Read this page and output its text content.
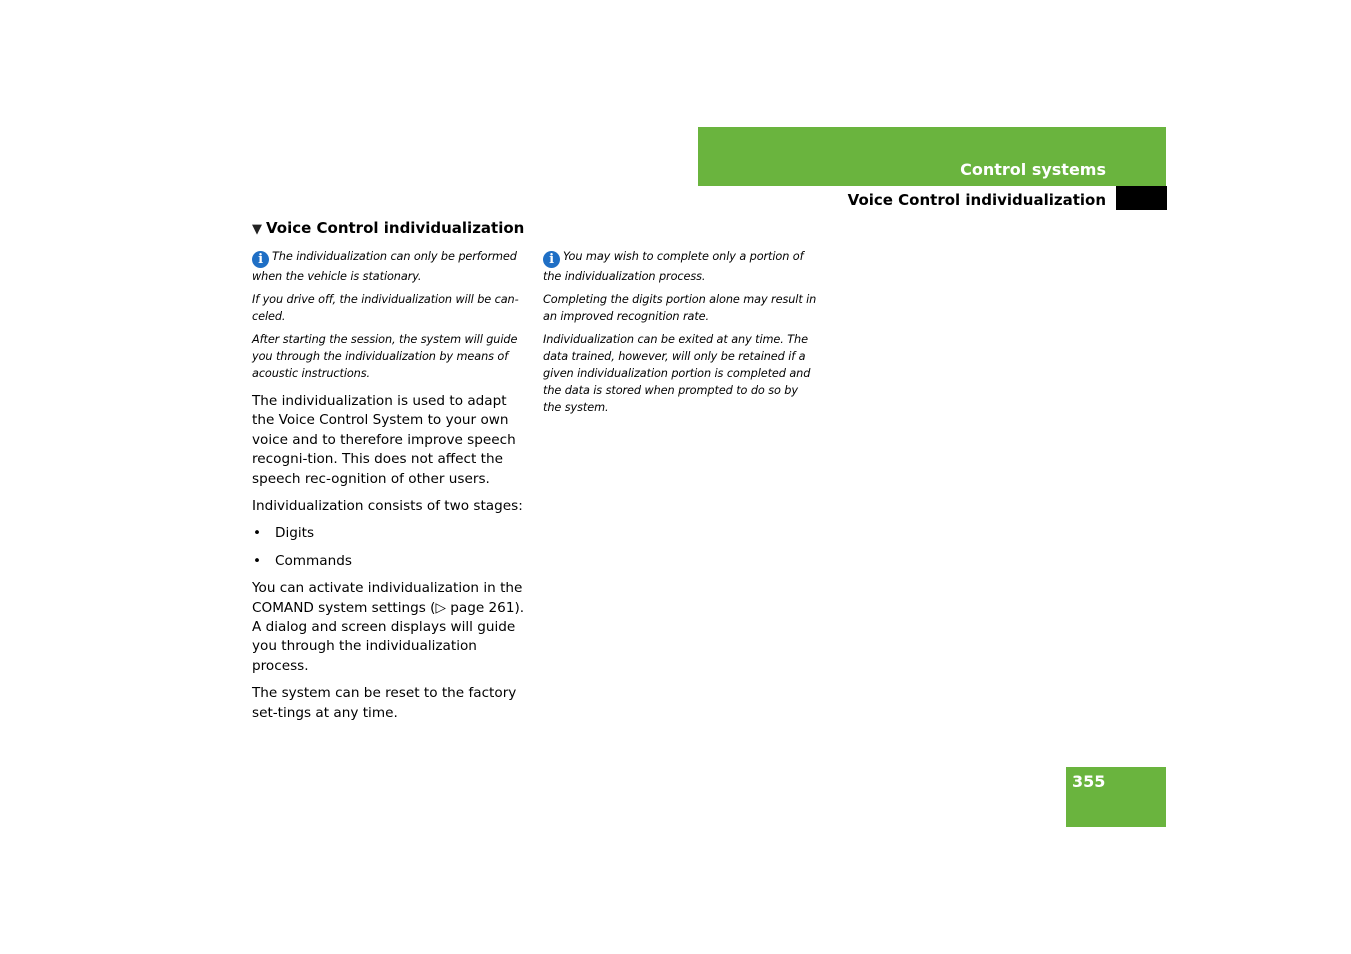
Control systems
Voice Control individualization
▼ Voice Control individualization

i The individualization can only be performed when the vehicle is stationary.

If you drive off, the individualization will be can-celed.

After starting the session, the system will guide you through the individualization by means of acoustic instructions.

The individualization is used to adapt the Voice Control System to your own voice and to therefore improve speech recogni-tion. This does not affect the speech rec-ognition of other users.

Individualization consists of two stages:

• Digits
• Commands

You can activate individualization in the COMAND system settings (▷ page 261). A dialog and screen displays will guide you through the individualization process.

The system can be reset to the factory set-tings at any time.

i You may wish to complete only a portion of the individualization process.

Completing the digits portion alone may result in an improved recognition rate.

Individualization can be exited at any time. The data trained, however, will only be retained if a given individualization portion is completed and the data is stored when prompted to do so by the system.

355
